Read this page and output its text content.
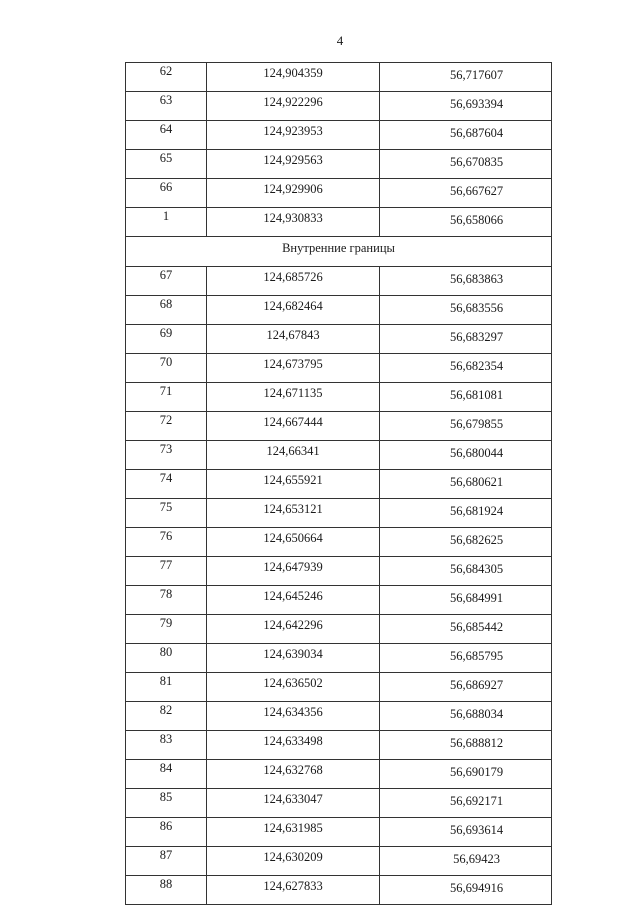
4
62	124,904359	56,717607
63	124,922296	56,693394
64	124,923953	56,687604
65	124,929563	56,670835
66	124,929906	56,667627
1	124,930833	56,658066
Внутренние границы		
67	124,685726	56,683863
68	124,682464	56,683556
69	124,67843	56,683297
70	124,673795	56,682354
71	124,671135	56,681081
72	124,667444	56,679855
73	124,66341	56,680044
74	124,655921	56,680621
75	124,653121	56,681924
76	124,650664	56,682625
77	124,647939	56,684305
78	124,645246	56,684991
79	124,642296	56,685442
80	124,639034	56,685795
81	124,636502	56,686927
82	124,634356	56,688034
83	124,633498	56,688812
84	124,632768	56,690179
85	124,633047	56,692171
86	124,631985	56,693614
87	124,630209	56,69423
88	124,627833	56,694916
